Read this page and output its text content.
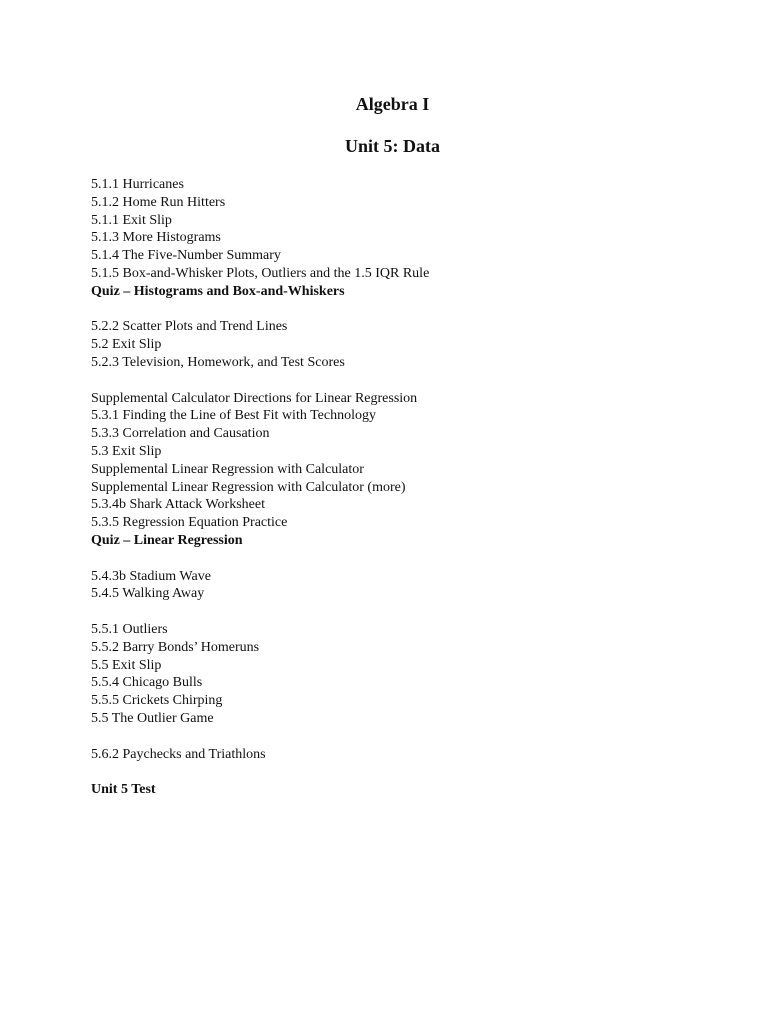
Algebra I
Unit 5: Data
5.1.1 Hurricanes
5.1.2 Home Run Hitters
5.1.1 Exit Slip
5.1.3 More Histograms
5.1.4 The Five-Number Summary
5.1.5 Box-and-Whisker Plots, Outliers and the 1.5 IQR Rule
Quiz – Histograms and Box-and-Whiskers
5.2.2 Scatter Plots and Trend Lines
5.2 Exit Slip
5.2.3 Television, Homework, and Test Scores
Supplemental Calculator Directions for Linear Regression
5.3.1 Finding the Line of Best Fit with Technology
5.3.3 Correlation and Causation
5.3 Exit Slip
Supplemental Linear Regression with Calculator
Supplemental Linear Regression with Calculator (more)
5.3.4b Shark Attack Worksheet
5.3.5 Regression Equation Practice
Quiz – Linear Regression
5.4.3b Stadium Wave
5.4.5 Walking Away
5.5.1 Outliers
5.5.2 Barry Bonds’ Homeruns
5.5 Exit Slip
5.5.4 Chicago Bulls
5.5.5 Crickets Chirping
5.5 The Outlier Game
5.6.2 Paychecks and Triathlons
Unit 5 Test
